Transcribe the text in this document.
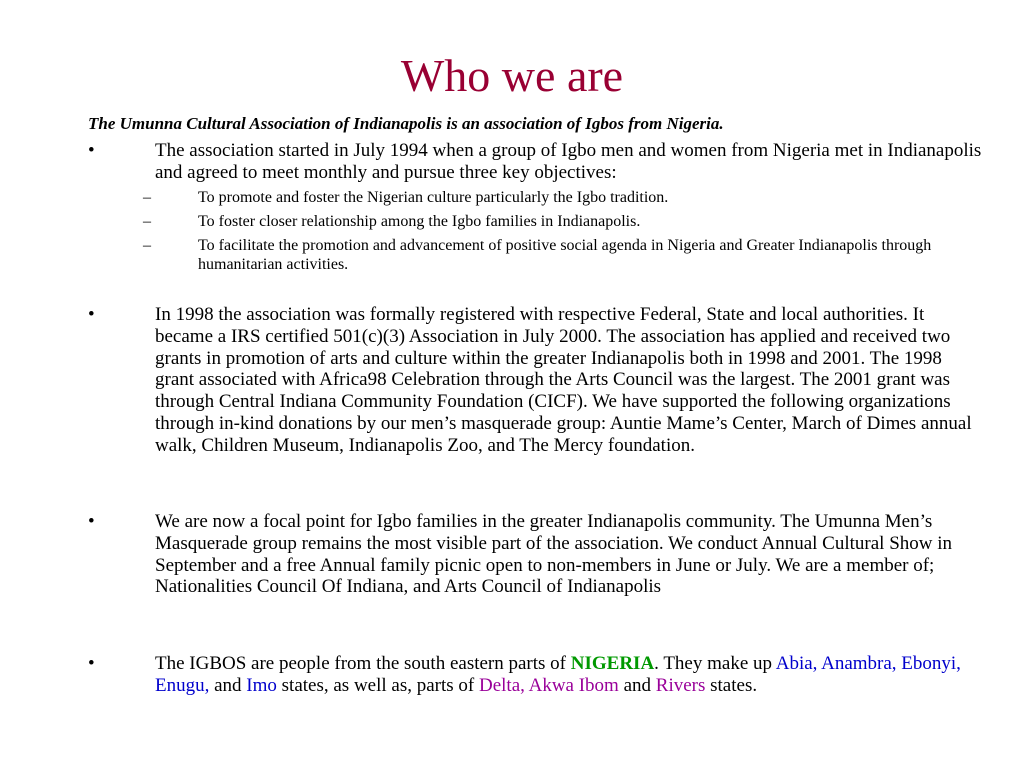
Who we are
The Umunna Cultural Association of Indianapolis is an association of Igbos from Nigeria.
•	The association started in July 1994 when a group of Igbo men and women from Nigeria met in Indianapolis and agreed to meet monthly and pursue three key objectives:
–	To promote and foster the Nigerian culture particularly the Igbo tradition.
–	To foster closer relationship among the Igbo families in Indianapolis.
–	To facilitate the promotion and advancement of positive social agenda in Nigeria and Greater Indianapolis through humanitarian activities.
•	In 1998 the association was formally registered with respective Federal, State and local authorities. It became a IRS certified 501(c)(3) Association in July 2000. The association has applied and received two grants in promotion of arts and culture within the greater Indianapolis both in 1998 and 2001. The 1998 grant associated with Africa98 Celebration through the Arts Council was the largest. The 2001 grant was through Central Indiana Community Foundation (CICF). We have supported the following organizations through in-kind donations by our men’s masquerade group: Auntie Mame’s Center, March of Dimes annual walk, Children Museum, Indianapolis Zoo, and The Mercy foundation.
•	We are now a focal point for Igbo families in the greater Indianapolis community. The Umunna Men’s Masquerade group remains the most visible part of the association. We conduct Annual Cultural Show in September and a free Annual family picnic open to non-members in June or July. We are a member of; Nationalities Council Of Indiana, and Arts Council of Indianapolis
•	The IGBOS are people from the south eastern parts of NIGERIA. They make up Abia, Anambra, Ebonyi, Enugu, and Imo states, as well as, parts of Delta, Akwa Ibom and Rivers states.
